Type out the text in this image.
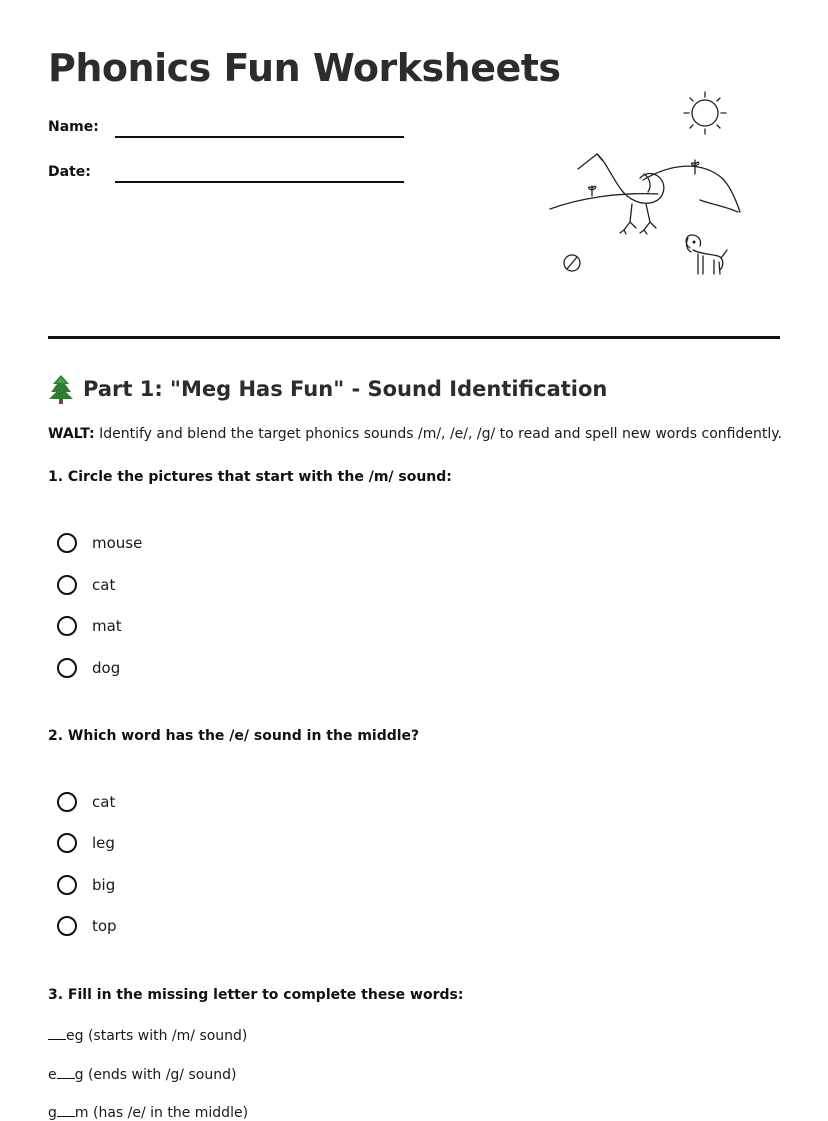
Phonics Fun Worksheets
Name:
Date:
Part 1: "Meg Has Fun" - Sound Identification
WALT: Identify and blend the target phonics sounds /m/, /e/, /g/ to read and spell new words confidently.

1. Circle the pictures that start with the /m/ sound:

mouse
cat
mat
dog

2. Which word has the /e/ sound in the middle?

cat
leg
big
top

3. Fill in the missing letter to complete these words:

eg (starts with /m/ sound)
e g (ends with /g/ sound)
g m (has /e/ in the middle)
